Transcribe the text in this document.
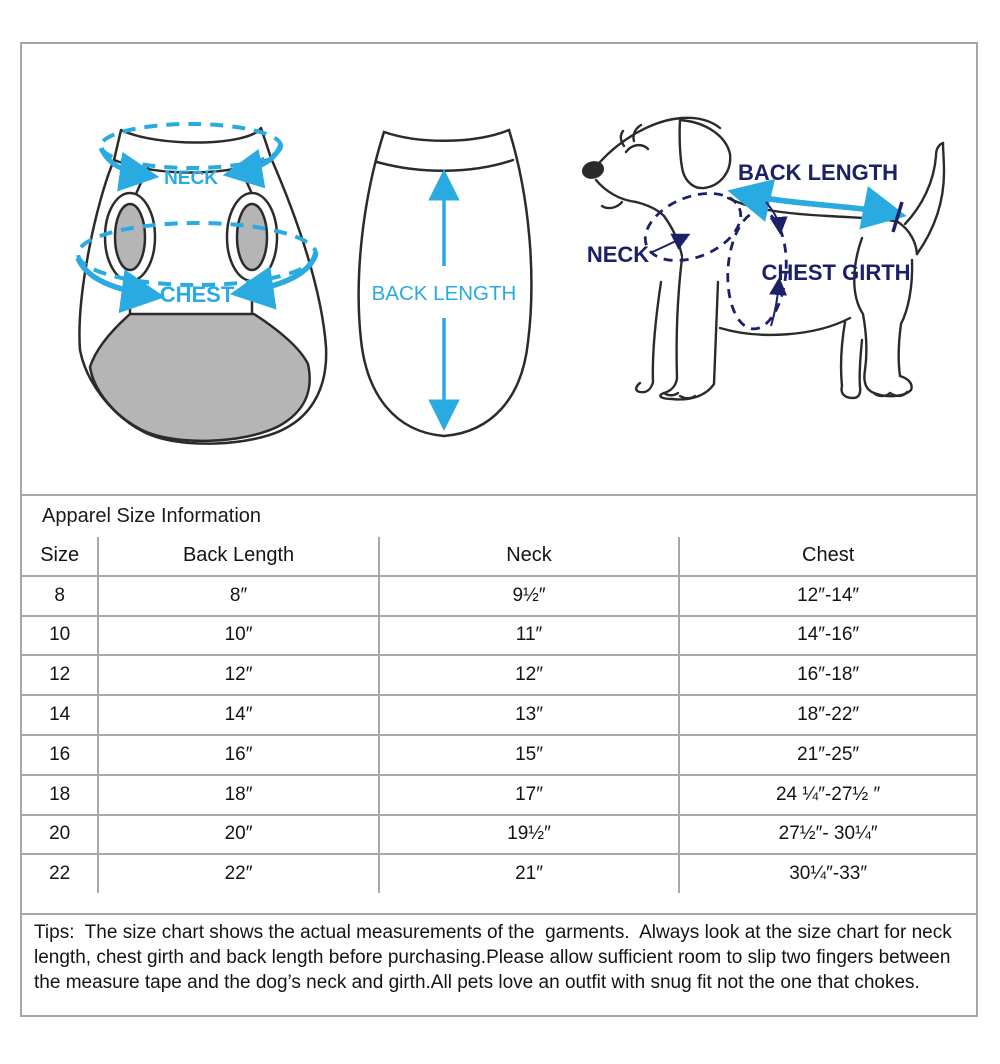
NECK
CHEST	BACK LENGTH
BACK LENGTH
NECK
CHEST GIRTH
Apparel Size Information
Size	Back Length	Neck	Chest
8	8″	9½″	12″-14″
10	10″	11″	14″-16″
12	12″	12″	16″-18″
14	14″	13″	18″-22″
16	16″	15″	21″-25″
18	18″	17″	24 ¼″-27½ ″
20	20″	19½″	27½″- 30¼″
22	22″	21″	30¼″-33″
Tips:  The size chart shows the actual measurements of the  garments.  Always look at the size chart for neck length, chest girth and back length before purchasing.Please allow sufficient room to slip two fingers between the measure tape and the dog’s neck and girth.All pets love an outfit with snug fit not the one that chokes.
